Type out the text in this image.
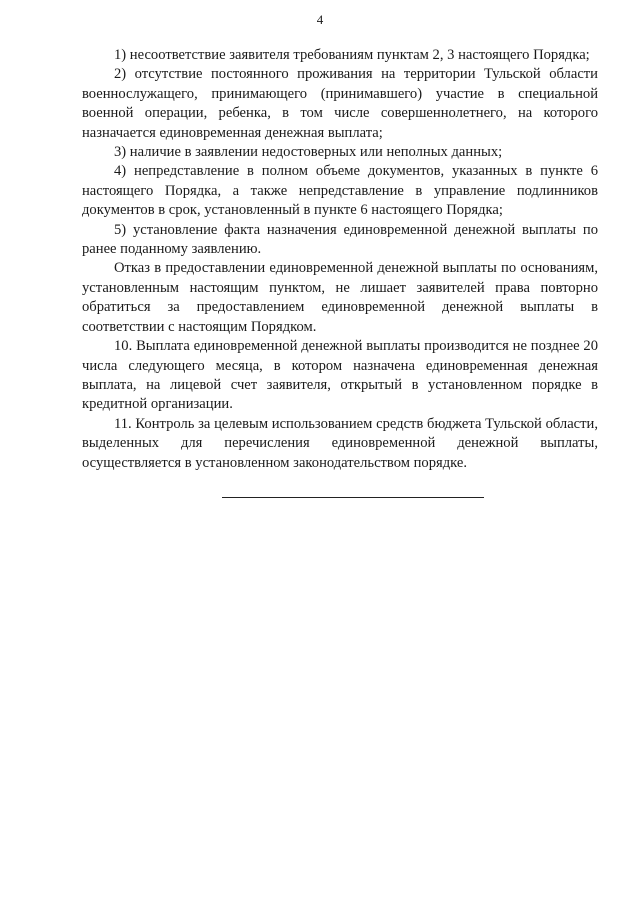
4

1) несоответствие заявителя требованиям пунктам 2, 3 настоящего Порядка;

2) отсутствие постоянного проживания на территории Тульской области военнослужащего, принимающего (принимавшего) участие в специальной военной операции, ребенка, в том числе совершеннолетнего, на которого назначается единовременная денежная выплата;

3) наличие в заявлении недостоверных или неполных данных;

4) непредставление в полном объеме документов, указанных в пункте 6 настоящего Порядка, а также непредставление в управление подлинников документов в срок, установленный в пункте 6 настоящего Порядка;

5) установление факта назначения единовременной денежной выплаты по ранее поданному заявлению.

Отказ в предоставлении единовременной денежной выплаты по основаниям, установленным настоящим пунктом, не лишает заявителей права повторно обратиться за предоставлением единовременной денежной выплаты в соответствии с настоящим Порядком.

10. Выплата единовременной денежной выплаты производится не позднее 20 числа следующего месяца, в котором назначена единовременная денежная выплата, на лицевой счет заявителя, открытый в установленном порядке в кредитной организации.

11. Контроль за целевым использованием средств бюджета Тульской области, выделенных для перечисления единовременной денежной выплаты, осуществляется в установленном законодательством порядке.
